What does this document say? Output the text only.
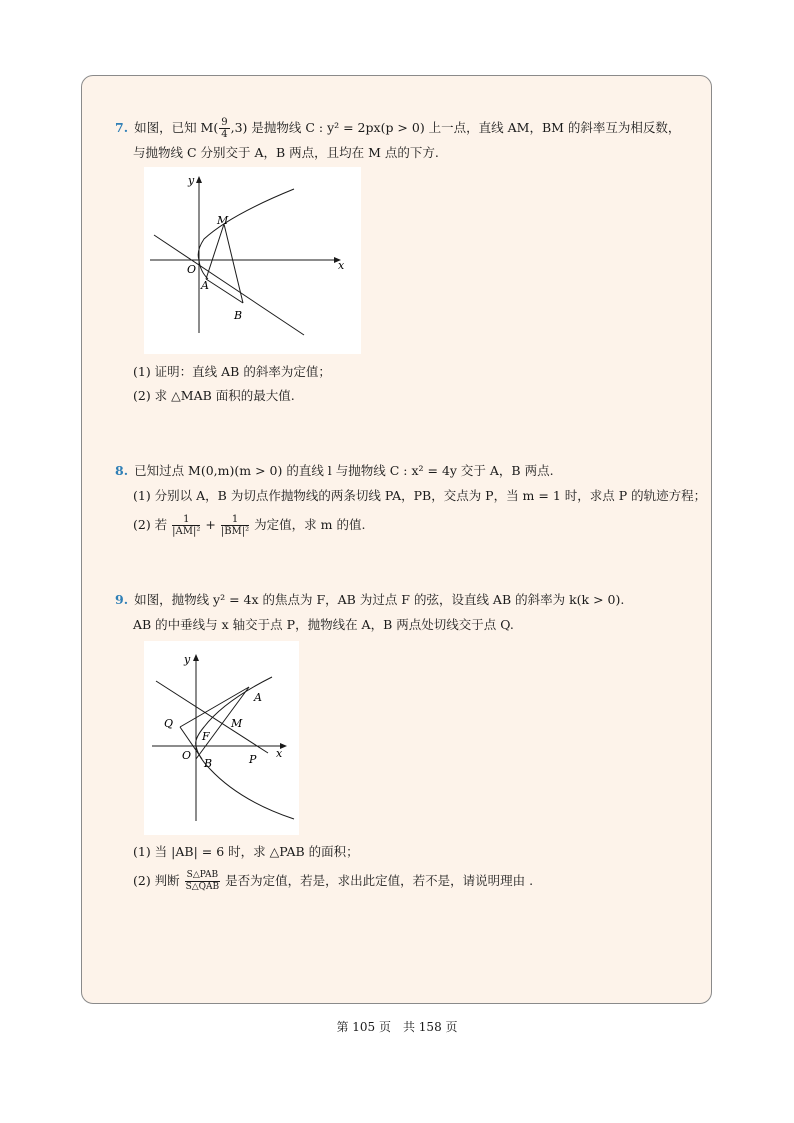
7. 如图，已知 $M( \frac{9}{4} ,3)$ 是抛物线 C : y² = 2px(p > 0) 上一点，直线 AM，BM 的斜率互为相反数，
与抛物线 C 分别交于 A，B 两点，且均在 M 点的下方.
y
x
M
O
A
B
(1) 证明：直线 AB 的斜率为定值；
(2) 求 △MAB 面积的最大值.
8. 已知过点 M(0,m)(m > 0) 的直线 l 与抛物线 C : x² = 4y 交于 A，B 两点.
(1) 分别以 A，B 为切点作抛物线的两条切线 PA，PB，交点为 P，当 m = 1 时，求点 P 的轨迹方程；
(2) 若 $\frac{1}{\text{|AM|²}} + \frac{1}{\text{|BM|²}}$ 为定值，求 m 的值.
9. 如图，抛物线 y² = 4x 的焦点为 F，AB 为过点 F 的弦，设直线 AB 的斜率为 k(k > 0).
AB 的中垂线与 x 轴交于点 P，抛物线在 A，B 两点处切线交于点 Q.
y
x
A
M
Q
F
O
B	P
(1) 当 |AB| = 6 时，求 △PAB 的面积；
(2) 判断 $\frac{\text{S△PAB}}{\text{S△QAB}}$ 是否为定值，若是，求出此定值，若不是，请说明理由 .
第 105 页　共 158 页
